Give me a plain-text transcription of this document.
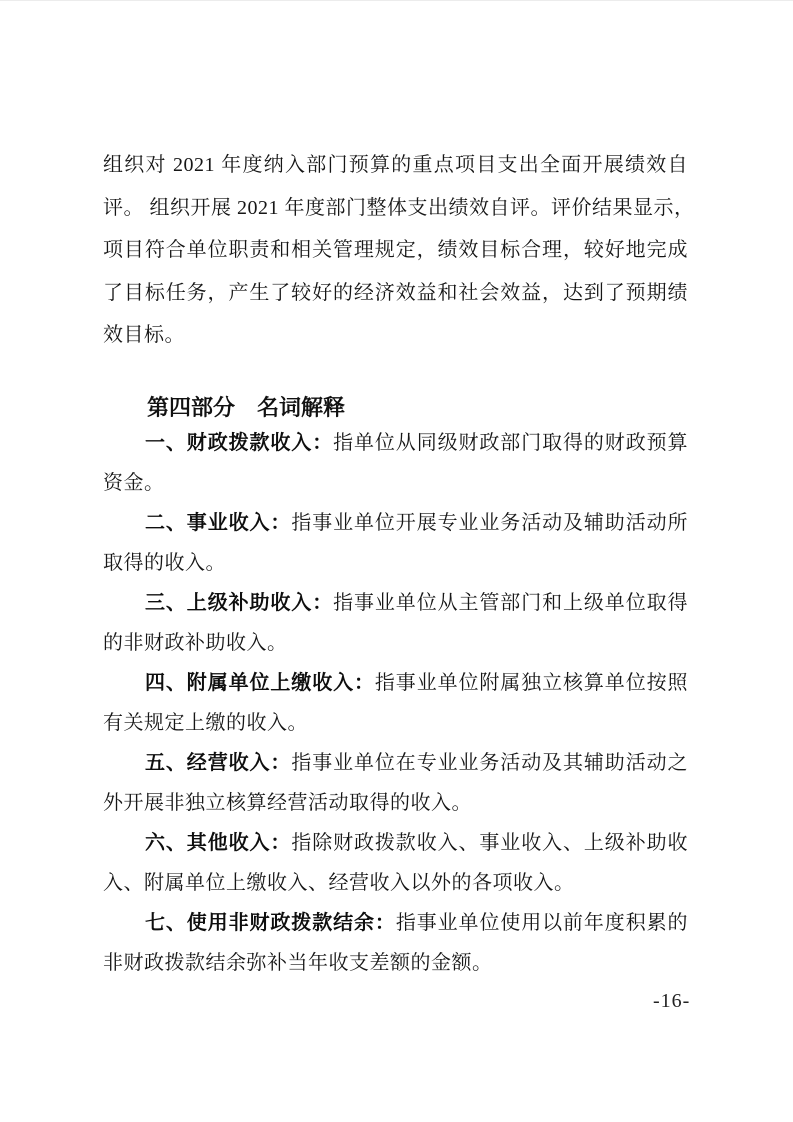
组织对 2021 年度纳入部门预算的重点项目支出全面开展绩效自
评。 组织开展 2021 年度部门整体支出绩效自评。评价结果显示，
项目符合单位职责和相关管理规定，绩效目标合理，较好地完成
了目标任务，产生了较好的经济效益和社会效益，达到了预期绩
效目标。
第四部分　名词解释
一、财政拨款收入：指单位从同级财政部门取得的财政预算
资金。
二、事业收入：指事业单位开展专业业务活动及辅助活动所
取得的收入。
三、上级补助收入：指事业单位从主管部门和上级单位取得
的非财政补助收入。
四、附属单位上缴收入：指事业单位附属独立核算单位按照
有关规定上缴的收入。
五、经营收入：指事业单位在专业业务活动及其辅助活动之
外开展非独立核算经营活动取得的收入。
六、其他收入：指除财政拨款收入、事业收入、上级补助收
入、附属单位上缴收入、经营收入以外的各项收入。
七、使用非财政拨款结余：指事业单位使用以前年度积累的
非财政拨款结余弥补当年收支差额的金额。
-16-
